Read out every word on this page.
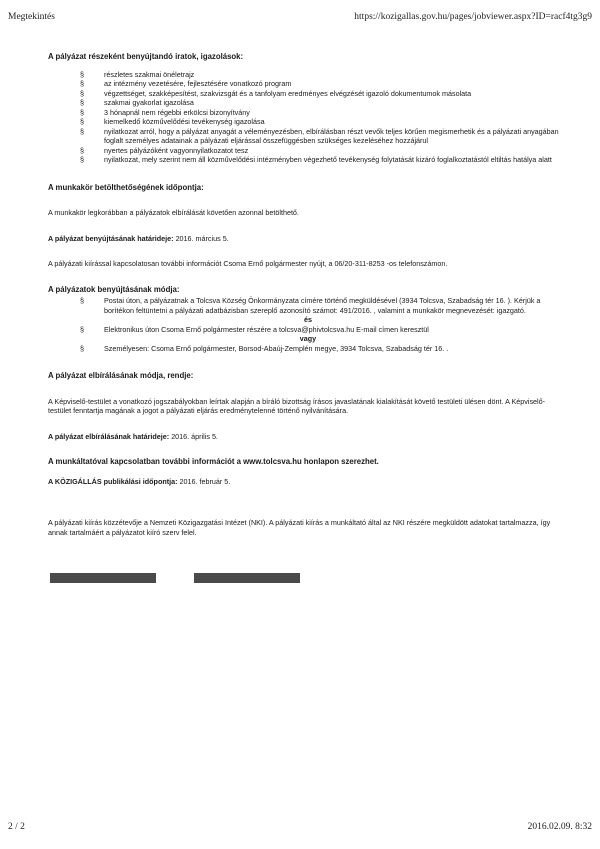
Megtekintés	https://kozigallas.gov.hu/pages/jobviewer.aspx?ID=racf4tg3g9

A pályázat részeként benyújtandó iratok, igazolások:

§	részletes szakmai önéletrajz
§	az intézmény vezetésére, fejlesztésére vonatkozó program
§	végzettséget, szakképesítést, szakvizsgát és a tanfolyam eredményes elvégzését igazoló dokumentumok másolata
§	szakmai gyakorlat igazolása
§	3 hónapnál nem régebbi erkölcsi bizonyítvány
§	kiemelkedő közművelődési tevékenység igazolása
§	nyilatkozat arról, hogy a pályázat anyagát a véleményezésben, elbírálásban részt vevők teljes körűen megismerhetik és a pályázati anyagában foglalt személyes adatainak a pályázati eljárással összefüggésben szükséges kezeléséhez hozzájárul
§	nyertes pályázóként vagyonnyilatkozatot tesz
§	nyilatkozat, mely szerint nem áll közművelődési intézményben végezhető tevékenység folytatását kizáró foglalkoztatástól eltiltás hatálya alatt

A munkakör betölthetőségének időpontja:

A munkakör legkorábban a pályázatok elbírálását követően azonnal betölthető.

A pályázat benyújtásának határideje: 2016. március 5.

A pályázati kiírással kapcsolatosan további információt Csoma Ernő polgármester nyújt, a 06/20-311-8253 -os telefonszámon.

A pályázatok benyújtásának módja:

§	Postai úton, a pályázatnak a Tolcsva Község Önkormányzata címére történő megküldésével (3934 Tolcsva, Szabadság tér 16. ). Kérjük a borítékon feltüntetni a pályázati adatbázisban szereplő azonosító számot: 491/2016. , valamint a munkakör megnevezését: igazgató.

és

§	Elektronikus úton Csoma Ernő polgármester részére a tolcsva@phivtolcsva.hu E-mail címen keresztül

vagy

§	Személyesen: Csoma Ernő polgármester, Borsod-Abaúj-Zemplén megye, 3934 Tolcsva, Szabadság tér 16. .

A pályázat elbírálásának módja, rendje:

A Képviselő-testület a vonatkozó jogszabályokban leírtak alapján a bíráló bizottság írásos javaslatának kialakítását követő testületi ülésen dönt. A Képviselő-testület fenntartja magának a jogot a pályázati eljárás eredménytelenné történő nyilvánítására.

A pályázat elbírálásának határideje: 2016. április 5.

A munkáltatóval kapcsolatban további információt a www.tolcsva.hu honlapon szerezhet.

A KÖZIGÁLLÁS publikálási időpontja: 2016. február 5.

A pályázati kiírás közzétevője a Nemzeti Közigazgatási Intézet (NKI). A pályázati kiírás a munkáltató által az NKI részére megküldött adatokat tartalmazza, így annak tartalmáért a pályázatot kiíró szerv felel.

2 / 2	2016.02.09. 8:32
